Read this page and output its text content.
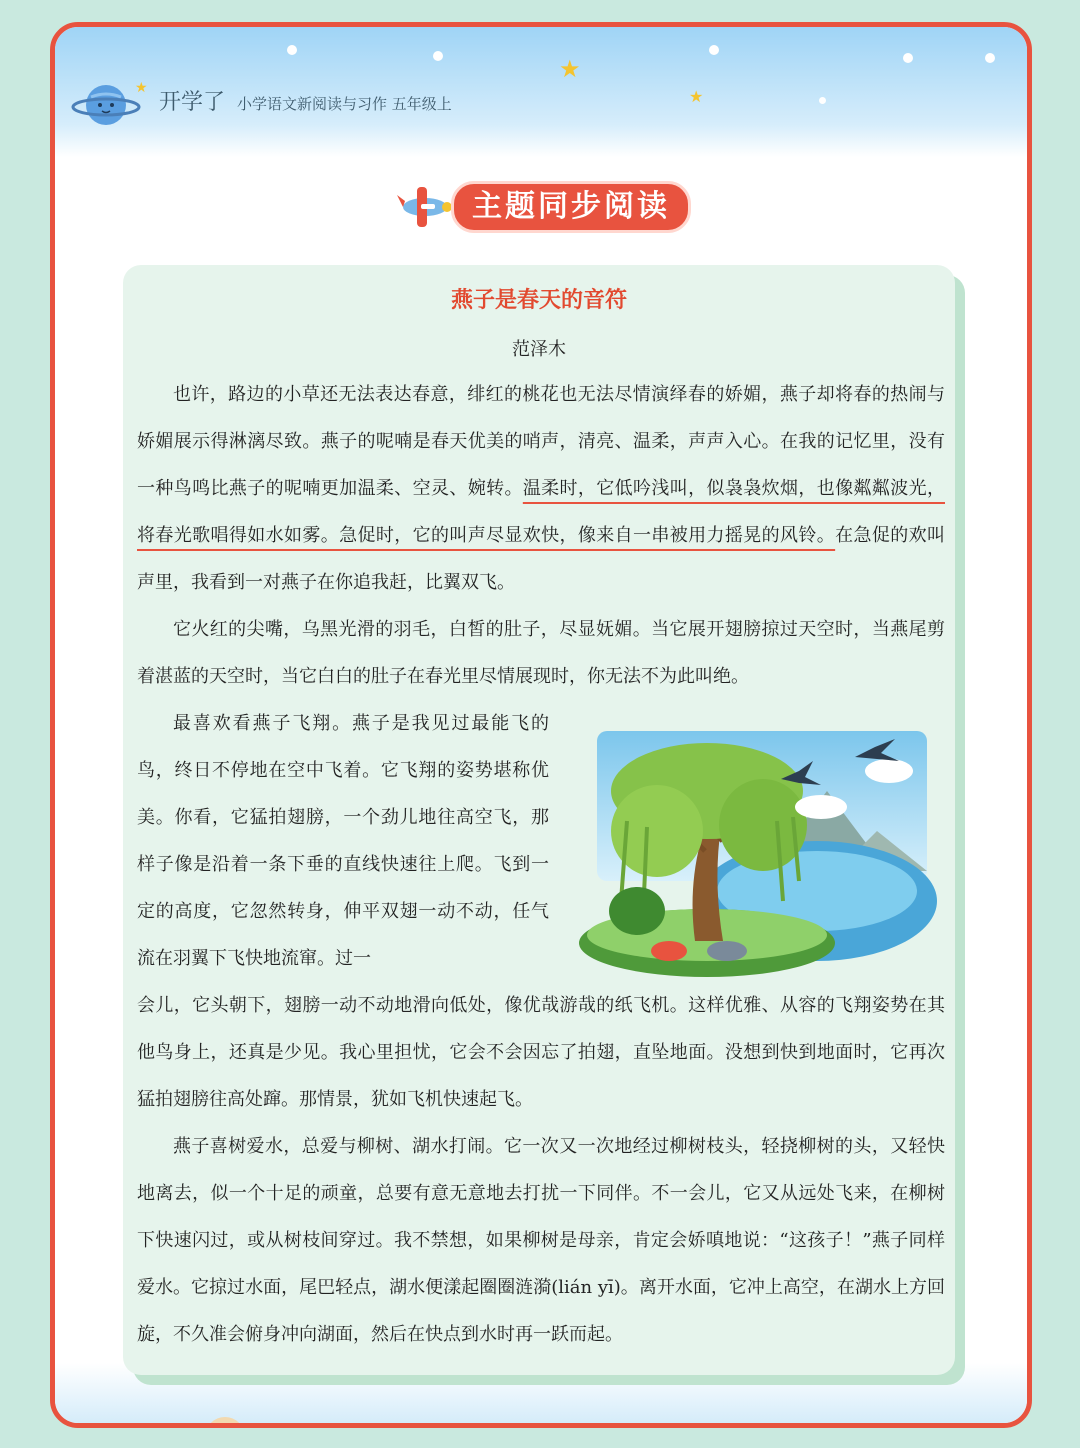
★
★
★
开学了 小学语文新阅读与习作 五年级上
主题同步阅读
燕子是春天的音符
范泽木

也许，路边的小草还无法表达春意，绯红的桃花也无法尽情演绎春的娇媚，燕子却将春的热闹与娇媚展示得淋漓尽致。燕子的呢喃是春天优美的哨声，清亮、温柔，声声入心。在我的记忆里，没有一种鸟鸣比燕子的呢喃更加温柔、空灵、婉转。温柔时，它低吟浅叫，似袅袅炊烟，也像粼粼波光，将春光歌唱得如水如雾。急促时，它的叫声尽显欢快，像来自一串被用力摇晃的风铃。在急促的欢叫声里，我看到一对燕子在你追我赶，比翼双飞。

它火红的尖嘴，乌黑光滑的羽毛，白皙的肚子，尽显妩媚。当它展开翅膀掠过天空时，当燕尾剪着湛蓝的天空时，当它白白的肚子在春光里尽情展现时，你无法不为此叫绝。

最喜欢看燕子飞翔。燕子是我见过最能飞的鸟，终日不停地在空中飞着。它飞翔的姿势堪称优美。你看，它猛拍翅膀，一个劲儿地往高空飞，那样子像是沿着一条下垂的直线快速往上爬。飞到一定的高度，它忽然转身，伸平双翅一动不动，任气流在羽翼下飞快地流窜。过一

会儿，它头朝下，翅膀一动不动地滑向低处，像优哉游哉的纸飞机。这样优雅、从容的飞翔姿势在其他鸟身上，还真是少见。我心里担忧，它会不会因忘了拍翅，直坠地面。没想到快到地面时，它再次猛拍翅膀往高处蹿。那情景，犹如飞机快速起飞。

燕子喜树爱水，总爱与柳树、湖水打闹。它一次又一次地经过柳树枝头，轻挠柳树的头，又轻快地离去，似一个十足的顽童，总要有意无意地去打扰一下同伴。不一会儿，它又从远处飞来，在柳树下快速闪过，或从树枝间穿过。我不禁想，如果柳树是母亲，肯定会娇嗔地说：“这孩子！”燕子同样爱水。它掠过水面，尾巴轻点，湖水便漾起圈圈涟漪(lián yī)。离开水面，它冲上高空，在湖水上方回旋，不久准会俯身冲向湖面，然后在快点到水时再一跃而起。
